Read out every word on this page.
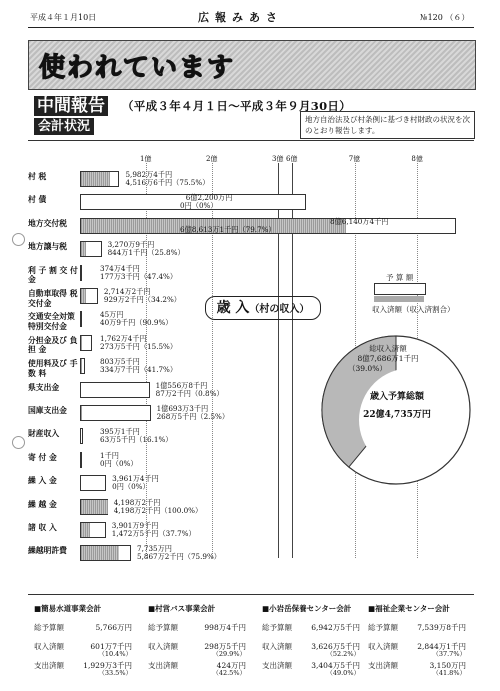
平成４年１月10日	広報みあさ	№120 （６）
使われています
中間報告 （平成３年４月１日～平成３年９月30日）
会計状況	地方自治法及び村条例に基づき村財政の状況を次のとおり報告します。
1億	2億	3億 6億	7億	8億
村 税	5,982万4千円
4,516万6千円（75.5%）
村 債	6億2,200万円
0円（0%）
地方交付税	8億6,140万4千円
6億8,613万1千円（79.7%）
地方譲与税	3,270万9千円
844万1千円（25.8%）
利 子 割 交 付 金
374万4千円
177万3千円（47.4%）
自動車取得 税交付金
2,714万2千円
929万2千円（34.2%）
交通安全対策 特別交付金
45万円
40万9千円（90.9%）
分担金及び 負 担 金
1,762万4千円
273万5千円（15.5%）
使用料及び 手 数 料
803万5千円
334万7千円（41.7%）
県支出金	1億556万8千円
87万2千円（0.8%）
国庫支出金	1億693万3千円
268万5千円（2.5%）
財産収入	395万1千円
63万5千円（16.1%）
寄 付 金	1千円
0円（0%）
繰 入 金	3,961万4千円
0円（0%）
繰 越 金	4,198万2千円
4,198万2千円（100.0%）
諸 収 入	3,901万9千円
1,472万5千円（37.7%）
繰越明許費	7,735万円
5,867万2千円（75.9%）
歳 入（村の収入）
予 算 額
収入済額（収入済割合）
総収入済額
8億7,686万1千円
（39.0%）
歳入予算総額
22億4,735万円
■簡易水道事業会計
総予算額	5,766万円
収入済額	601万7千円
（10.4%）
支出済額	1,929万3千円
（33.5%）
■村営バス事業会計
総予算額	998万4千円
収入済額	298万5千円
（29.9%）
支出済額	424万円
（42.5%）
■小岩岳保養センター会計
総予算額	6,942万5千円
収入済額	3,626万5千円
（52.2%）
支出済額	3,404万5千円
（49.0%）
■福祉企業センター会計
総予算額	7,539万8千円
収入済額	2,844万1千円
（37.7%）
支出済額	3,150万円
（41.8%）
